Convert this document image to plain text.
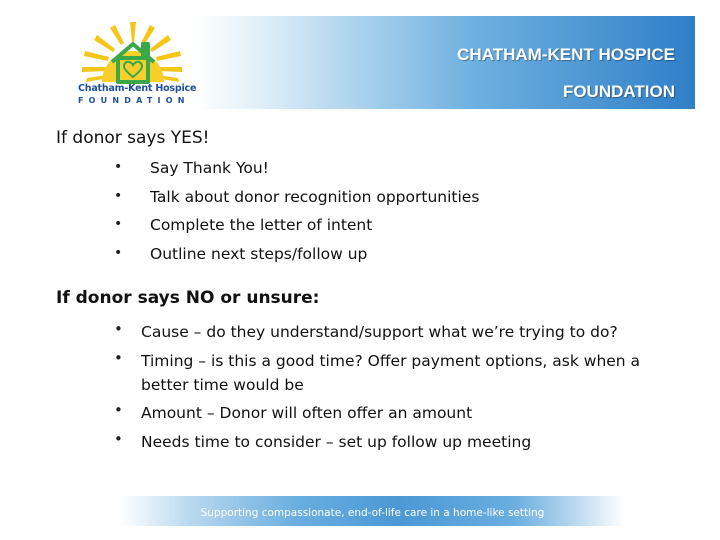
Chatham-Kent Hospice
FOUNDATION
CHATHAM-KENT HOSPICE
FOUNDATION
If donor says YES!
• Say Thank You!
• Talk about donor recognition opportunities
• Complete the letter of intent
• Outline next steps/follow up
If donor says NO or unsure:
• Cause – do they understand/support what we’re trying to do?
• Timing – is this a good time? Offer payment options, ask when a better time would be
• Amount – Donor will often offer an amount
• Needs time to consider – set up follow up meeting
Supporting compassionate, end-of-life care in a home-like setting
